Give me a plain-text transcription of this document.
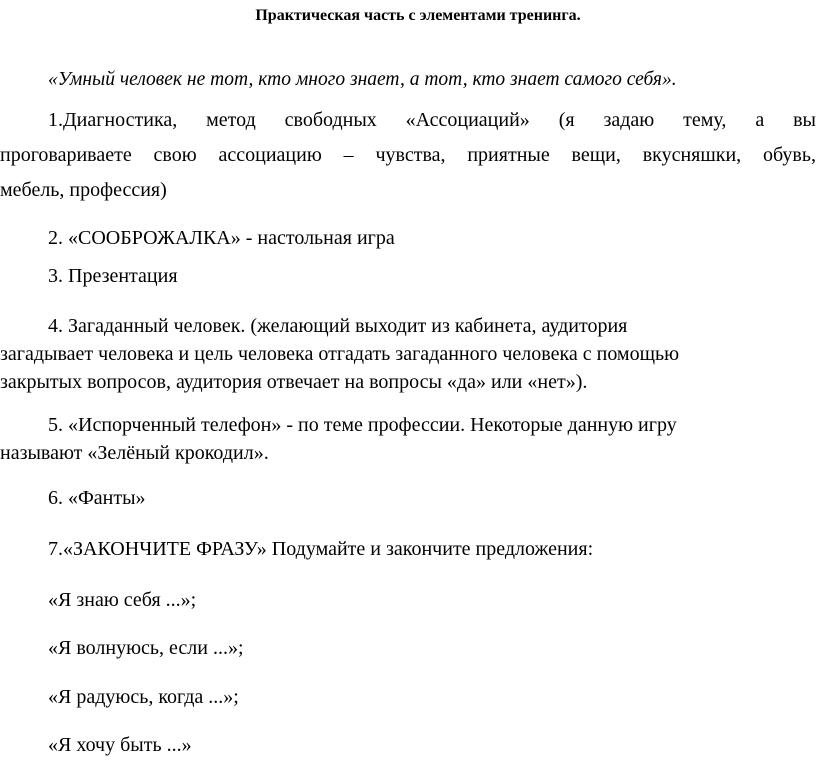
Практическая часть с элементами тренинга.
«Умный человек не тот, кто много знает, а тот, кто знает самого себя».
1.Диагностика, метод свободных «Ассоциаций» (я задаю тему, а вы
проговариваете свою ассоциацию – чувства, приятные вещи, вкусняшки, обувь,
мебель, профессия)
2. «СООБРОЖАЛКА» - настольная игра
3. Презентация
4. Загаданный человек. (желающий выходит из кабинета, аудитория
загадывает человека и цель человека отгадать загаданного человека с помощью
закрытых вопросов, аудитория отвечает на вопросы «да» или «нет»).
5. «Испорченный телефон» - по теме профессии. Некоторые данную игру
называют «Зелёный крокодил».
6. «Фанты»
7.«ЗАКОНЧИТЕ ФРАЗУ» Подумайте и закончите предложения:
«Я знаю себя ...»;
«Я волнуюсь, если ...»;
«Я радуюсь, когда ...»;
«Я хочу быть ...»
